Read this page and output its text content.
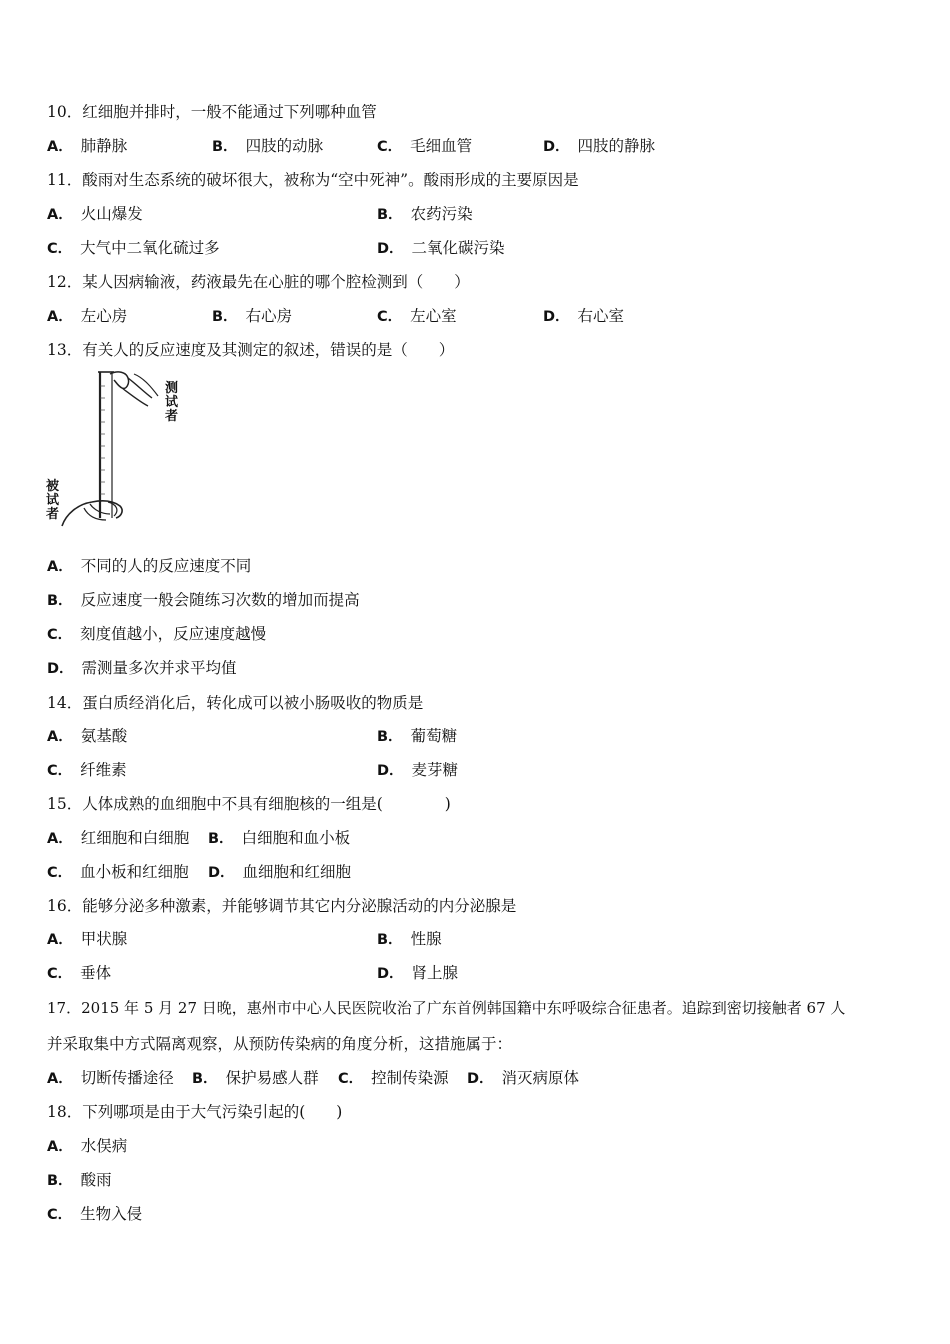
10．红细胞并排时，一般不能通过下列哪种血管
A． 肺静脉	B． 四肢的动脉	C． 毛细血管	D． 四肢的静脉
11．酸雨对生态系统的破坏很大，被称为“空中死神”。酸雨形成的主要原因是
A． 火山爆发	B． 农药污染
C． 大气中二氧化硫过多	D． 二氧化碳污染
12．某人因病输液，药液最先在心脏的哪个腔检测到（　　）
A． 左心房	B． 右心房	C． 左心室	D． 右心室
13．有关人的反应速度及其测定的叙述，错误的是（　　）
测试者
被试者
A． 不同的人的反应速度不同
B． 反应速度一般会随练习次数的增加而提高
C． 刻度值越小，反应速度越慢
D． 需测量多次并求平均值
14．蛋白质经消化后，转化成可以被小肠吸收的物质是
A． 氨基酸	B． 葡萄糖
C． 纤维素	D． 麦芽糖
15．人体成熟的血细胞中不具有细胞核的一组是(　　　　)
A． 红细胞和白细胞 B． 白细胞和血小板
C． 血小板和红细胞 D． 血细胞和红细胞
16．能够分泌多种激素，并能够调节其它内分泌腺活动的内分泌腺是
A． 甲状腺	B． 性腺
C． 垂体	D． 肾上腺
17．2015 年 5 月 27 日晚，惠州市中心人民医院收治了广东首例韩国籍中东呼吸综合征患者。追踪到密切接触者 67 人
并采取集中方式隔离观察，从预防传染病的角度分析，这措施属于：
A． 切断传播途径 B． 保护易感人群 C． 控制传染源 D． 消灭病原体
18．下列哪项是由于大气污染引起的(　　)
A． 水俣病
B． 酸雨
C． 生物入侵
